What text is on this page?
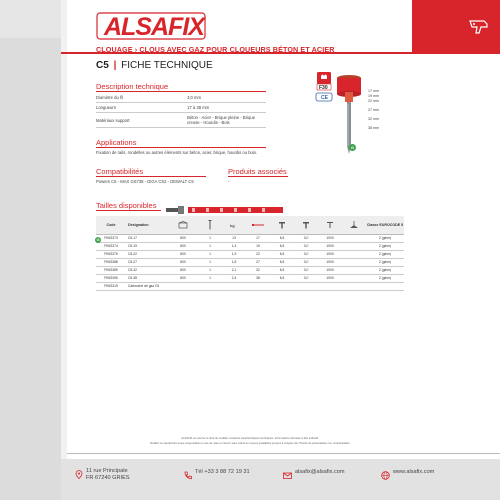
ALSAFIX
CLOUAGE › CLOUS AVEC GAZ POUR CLOUEURS BÉTON ET ACIER
C5 | FICHE TECHNIQUE
Description technique
Diamètre du fil	3,0 mm
Longueurs	17 à 38 mm
Matériaux support	Béton - Acier - Brique pleine - Brique creuse - Hourdis - Bois
Applications
Fixation de rails, rondelles ou autres éléments sur béton, acier, brique, hourdis ou bois.
Compatibilités
Powers C5 - MAX GS738 - DIGA CS2 - DEWALT C5
Produits associés
-
F30
CE
17 mm
19 mm
22 mm
27 mm
32 mm
38 mm
G
Tailles disponibles
Code	Désignation			kg						Classe EUROCODE 5
P06S373	C5-17	800	1	13	17	6,5	3,0	1000		2 (gène)
P06S374	C5-19	800	1	1,4	19	6,5	3,0	1000		2 (gène)
P06S375	C5-22	800	1	1,9	22	6,5	3,0	1000		2 (gène)
P06S388	C5-27	800	1	1,8	27	6,5	3,0	1000		2 (gène)
P06S389	C5-32	800	1	2,1	32	6,5	3,0	1000		2 (gène)
P06S390	C5-38	800	1	2,4	38	6,5	3,0	1000		2 (gène)
P06S319	Cartouche de gaz C5									
G
ALSAFIX se réserve le droit de modifier certaines caractéristiques techniques. Informations données à titre indicatif.
Veuillez ne saurait être tenue responsable en cas de mise en œuvre sans calcul et moyens préalables propres à chaque cas. Photos de présentation non contractuelles.
11 rue Principale
FR 67240 GRIES
Tél +33 3 88 72 19 31	alsafix@alsafix.com	www.alsafix.com
